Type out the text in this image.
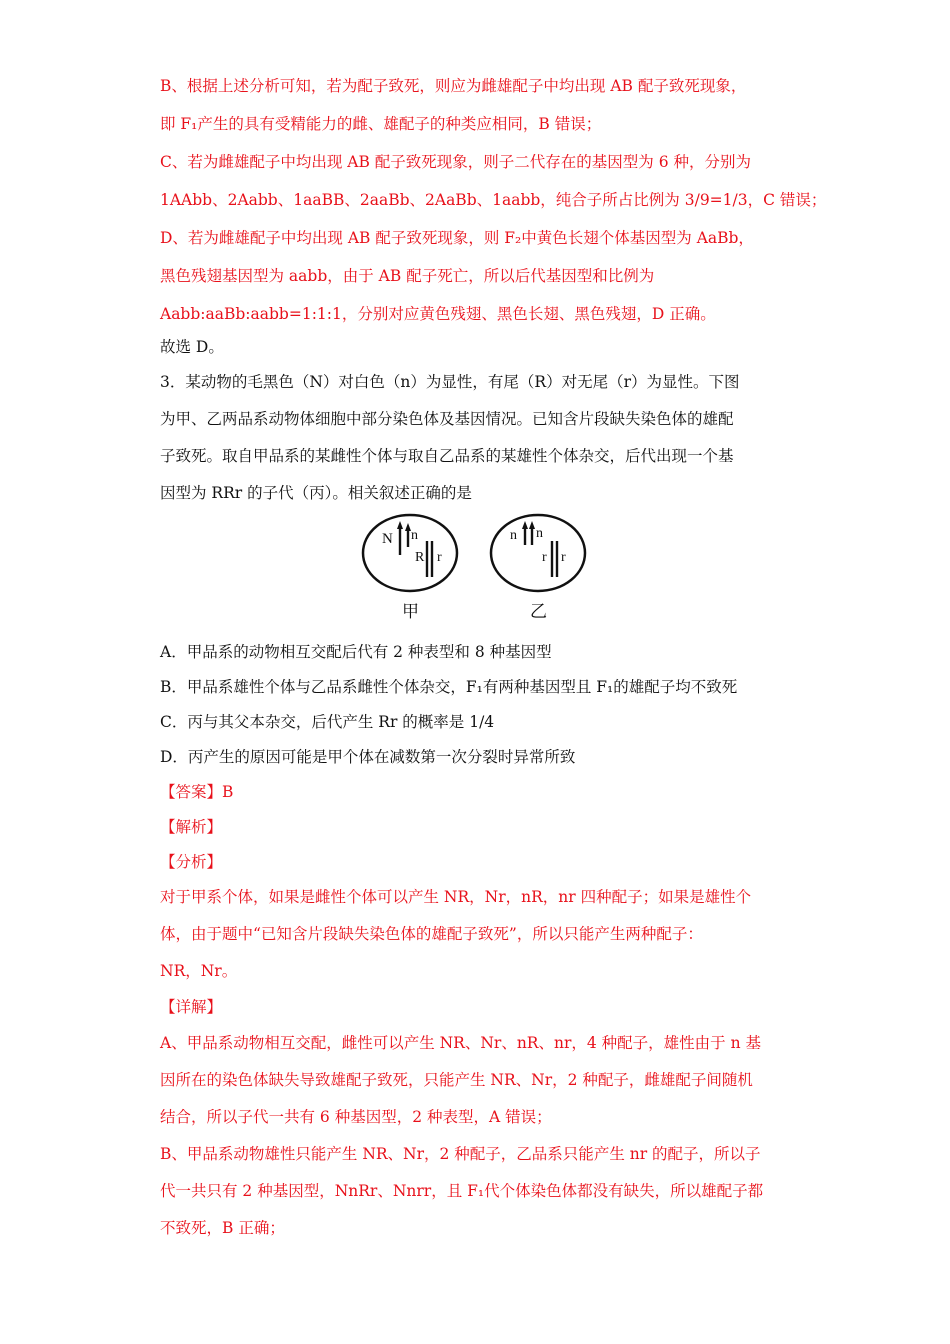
B、根据上述分析可知，若为配子致死，则应为雌雄配子中均出现 AB 配子致死现象，
即 F₁产生的具有受精能力的雌、雄配子的种类应相同，B 错误；
C、若为雌雄配子中均出现 AB 配子致死现象，则子二代存在的基因型为 6 种，分别为
1AAbb、2Aabb、1aaBB、2aaBb、2AaBb、1aabb，纯合子所占比例为 3/9=1/3，C 错误；
D、若为雌雄配子中均出现 AB 配子致死现象，则 F₂中黄色长翅个体基因型为 AaBb，
黑色残翅基因型为 aabb，由于 AB 配子死亡，所以后代基因型和比例为
Aabb:aaBb:aabb=1:1:1，分别对应黄色残翅、黑色长翅、黑色残翅，D 正确。
故选 D。
3．某动物的毛黑色（N）对白色（n）为显性，有尾（R）对无尾（r）为显性。下图
为甲、乙两品系动物体细胞中部分染色体及基因情况。已知含片段缺失染色体的雄配
子致死。取自甲品系的某雌性个体与取自乙品系的某雄性个体杂交，后代出现一个基
因型为 RRr 的子代（丙）。相关叙述正确的是
N n
R r
甲
n n
r r
乙
A．甲品系的动物相互交配后代有 2 种表型和 8 种基因型
B．甲品系雄性个体与乙品系雌性个体杂交，F₁有两种基因型且 F₁的雄配子均不致死
C．丙与其父本杂交，后代产生 Rr 的概率是 1/4
D．丙产生的原因可能是甲个体在减数第一次分裂时异常所致
【答案】B
【解析】
【分析】
对于甲系个体，如果是雌性个体可以产生 NR，Nr，nR，nr 四种配子；如果是雄性个
体，由于题中“已知含片段缺失染色体的雄配子致死”，所以只能产生两种配子：
NR，Nr。
【详解】
A、甲品系动物相互交配，雌性可以产生 NR、Nr、nR、nr，4 种配子，雄性由于 n 基
因所在的染色体缺失导致雄配子致死，只能产生 NR、Nr，2 种配子，雌雄配子间随机
结合，所以子代一共有 6 种基因型，2 种表型，A 错误；
B、甲品系动物雄性只能产生 NR、Nr，2 种配子，乙品系只能产生 nr 的配子，所以子
代一共只有 2 种基因型，NnRr、Nnrr，且 F₁代个体染色体都没有缺失，所以雄配子都
不致死，B 正确；
